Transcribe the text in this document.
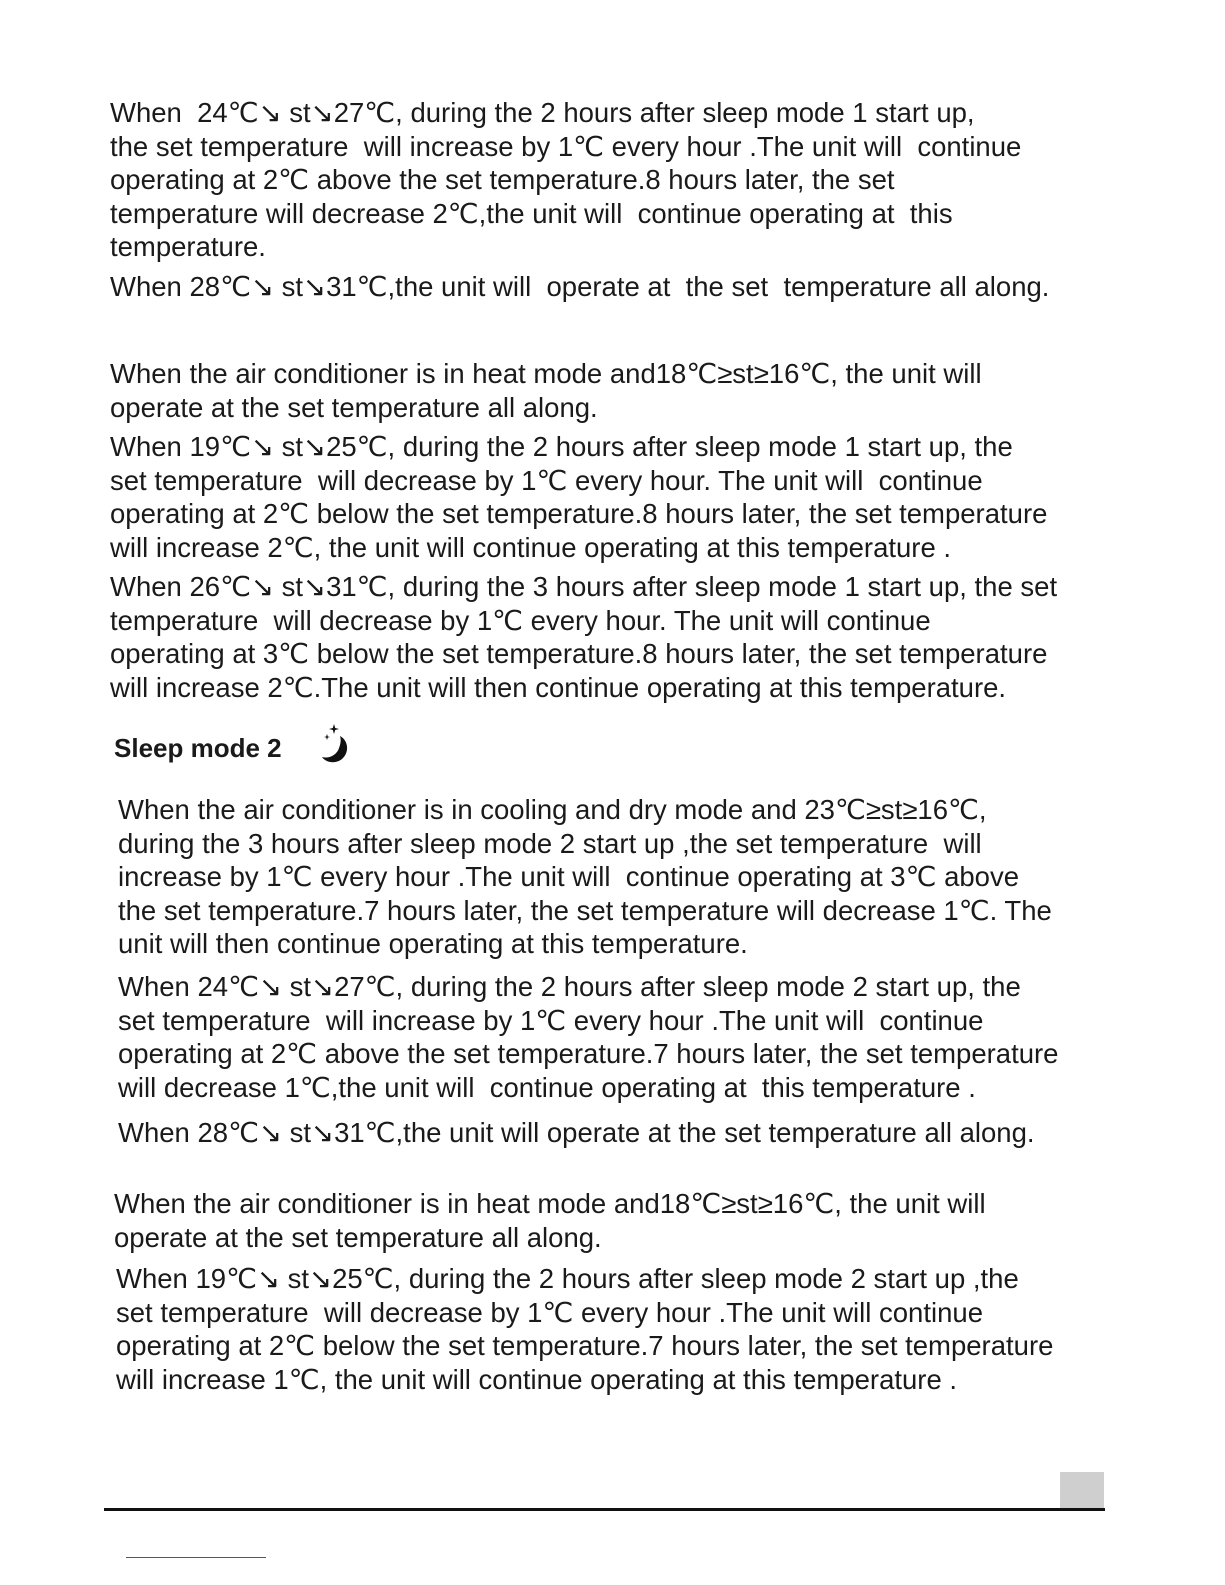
When  24℃↘ st↘27℃, during the 2 hours after sleep mode 1 start up,
the set temperature  will increase by 1℃ every hour .The unit will  continue
operating at 2℃ above the set temperature.8 hours later, the set
temperature will decrease 2℃,the unit will  continue operating at  this
temperature.

When 28℃↘ st↘31℃,the unit will  operate at  the set  temperature all along.

When the air conditioner is in heat mode and18℃≥st≥16℃, the unit will
operate at the set temperature all along.

When 19℃↘ st↘25℃, during the 2 hours after sleep mode 1 start up, the
set temperature  will decrease by 1℃ every hour. The unit will  continue
operating at 2℃ below the set temperature.8 hours later, the set temperature
will increase 2℃, the unit will continue operating at this temperature .

When 26℃↘ st↘31℃, during the 3 hours after sleep mode 1 start up, the set
temperature  will decrease by 1℃ every hour. The unit will continue
operating at 3℃ below the set temperature.8 hours later, the set temperature
will increase 2℃.The unit will then continue operating at this temperature.

Sleep mode 2

When the air conditioner is in cooling and dry mode and 23℃≥st≥16℃,
during the 3 hours after sleep mode 2 start up ,the set temperature  will
increase by 1℃ every hour .The unit will  continue operating at 3℃ above
the set temperature.7 hours later, the set temperature will decrease 1℃. The
unit will then continue operating at this temperature.

When 24℃↘ st↘27℃, during the 2 hours after sleep mode 2 start up, the
set temperature  will increase by 1℃ every hour .The unit will  continue
operating at 2℃ above the set temperature.7 hours later, the set temperature
will decrease 1℃,the unit will  continue operating at  this temperature .

When 28℃↘ st↘31℃,the unit will operate at the set temperature all along.

When the air conditioner is in heat mode and18℃≥st≥16℃, the unit will
operate at the set temperature all along.

When 19℃↘ st↘25℃, during the 2 hours after sleep mode 2 start up ,the
set temperature  will decrease by 1℃ every hour .The unit will continue
operating at 2℃ below the set temperature.7 hours later, the set temperature
will increase 1℃, the unit will continue operating at this temperature .
